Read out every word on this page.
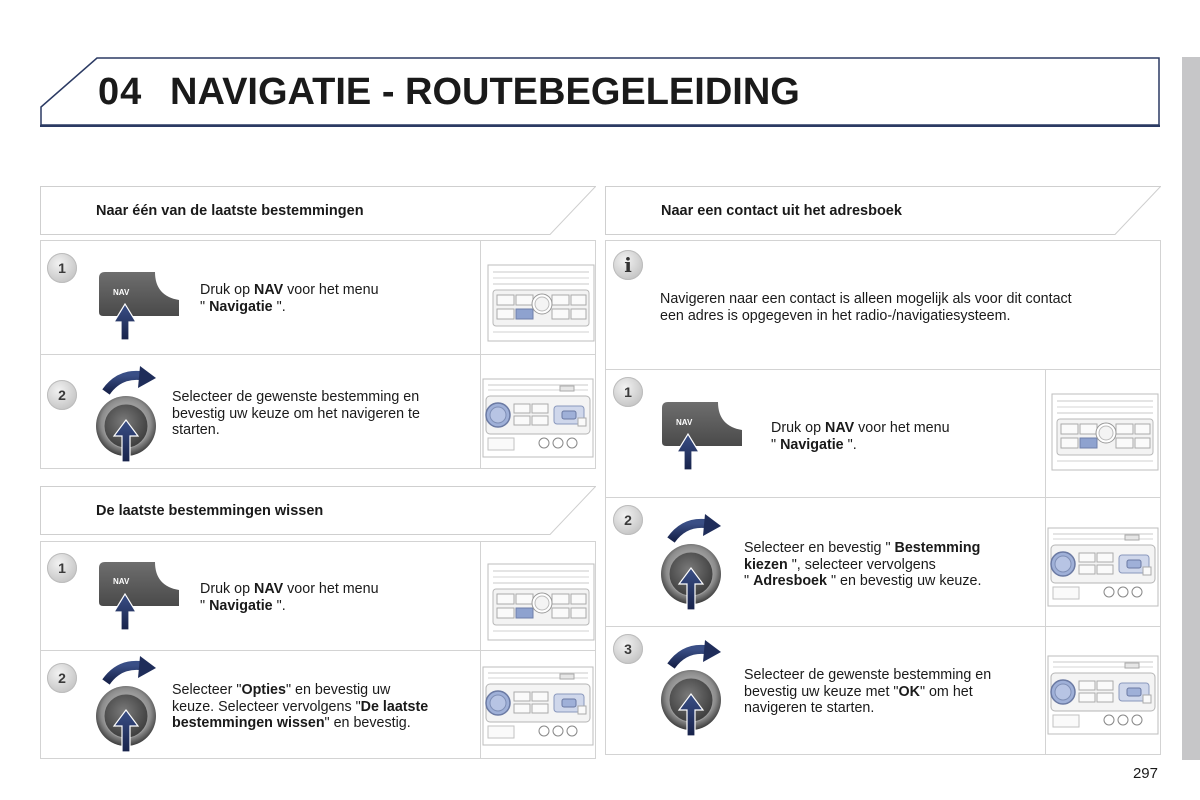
04 NAVIGATIE - ROUTEBEGELEIDING
Naar één van de laatste bestemmingen
1
NAV	Druk op NAV voor het menu
" Navigatie ".
2	Selecteer de gewenste bestemming en
bevestig uw keuze om het navigeren te
starten.
De laatste bestemmingen wissen
1
NAV	Druk op NAV voor het menu
" Navigatie ".
2
Selecteer "Opties" en bevestig uw
keuze. Selecteer vervolgens "De laatste
bestemmingen wissen" en bevestig.
Naar een contact uit het adresboek
i
Navigeren naar een contact is alleen mogelijk als voor dit contact
een adres is opgegeven in het radio-/navigatiesysteem.
1
NAV	Druk op NAV voor het menu
" Navigatie ".
2
Selecteer en bevestig " Bestemming
kiezen ", selecteer vervolgens
" Adresboek " en bevestig uw keuze.
3
Selecteer de gewenste bestemming en
bevestig uw keuze met "OK" om het
navigeren te starten.
297
